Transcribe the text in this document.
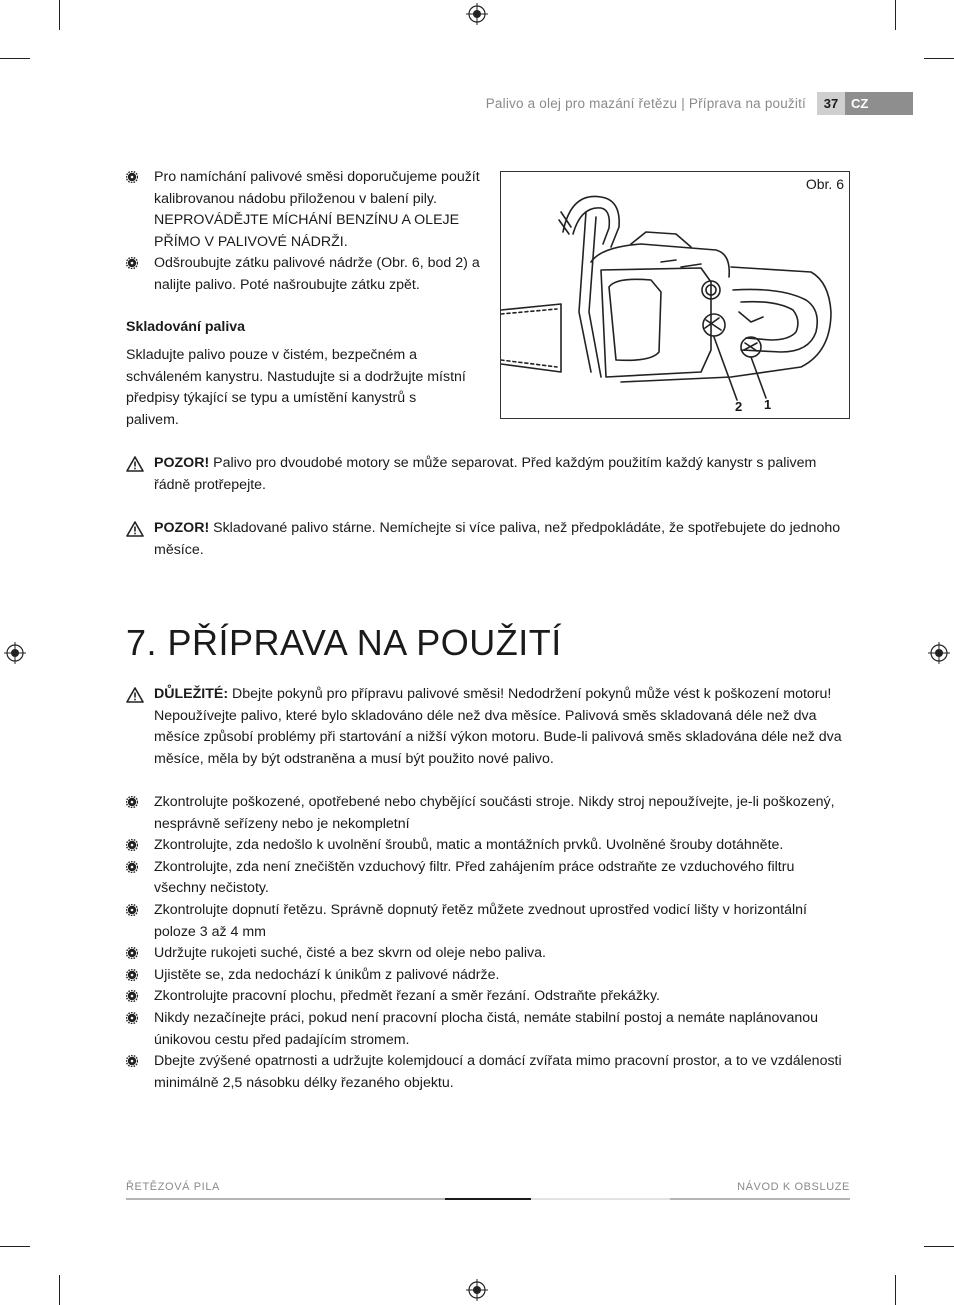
Palivo a olej pro mazání řetězu | Příprava na použití	37 CZ
Pro namíchání palivové směsi doporučujeme použít kalibrovanou nádobu přiloženou v balení pily. NEPROVÁDĚJTE MÍCHÁNÍ BENZÍNU A OLEJE PŘÍMO V PALIVOVÉ NÁDRŽI.
Odšroubujte zátku palivové nádrže (Obr. 6, bod 2) a nalijte palivo. Poté našroubujte zátku zpět.
Skladování paliva
Skladujte palivo pouze v čistém, bezpečném a schváleném kanystru. Nastudujte si a dodržujte místní předpisy týkající se typu a umístění kanystrů s palivem.
Obr. 6
2 1
POZOR! Palivo pro dvoudobé motory se může separovat. Před každým použitím každý kanystr s palivem řádně protřepejte.
POZOR! Skladované palivo stárne. Nemíchejte si více paliva, než předpokládáte, že spotřebujete do jednoho měsíce.
7. PŘÍPRAVA NA POUŽITÍ
DŮLEŽITÉ: Dbejte pokynů pro přípravu palivové směsi! Nedodržení pokynů může vést k poškození motoru! Nepoužívejte palivo, které bylo skladováno déle než dva měsíce. Palivová směs skladovaná déle než dva měsíce způsobí problémy při startování a nižší výkon motoru. Bude-li palivová směs skladována déle než dva měsíce, měla by být odstraněna a musí být použito nové palivo.
Zkontrolujte poškozené, opotřebené nebo chybějící součásti stroje. Nikdy stroj nepoužívejte, je-li poškozený, nesprávně seřízeny nebo je nekompletní
Zkontrolujte, zda nedošlo k uvolnění šroubů, matic a montážních prvků. Uvolněné šrouby dotáhněte.
Zkontrolujte, zda není znečištěn vzduchový filtr. Před zahájením práce odstraňte ze vzduchového filtru všechny nečistoty.
Zkontrolujte dopnutí řetězu. Správně dopnutý řetěz můžete zvednout uprostřed vodicí lišty v horizontální poloze 3 až 4 mm
Udržujte rukojeti suché, čisté a bez skvrn od oleje nebo paliva.
Ujistěte se, zda nedochází k únikům z palivové nádrže.
Zkontrolujte pracovní plochu, předmět řezaní a směr řezání. Odstraňte překážky.
Nikdy nezačínejte práci, pokud není pracovní plocha čistá, nemáte stabilní postoj a nemáte naplánovanou únikovou cestu před padajícím stromem.
Dbejte zvýšené opatrnosti a udržujte kolemjdoucí a domácí zvířata mimo pracovní prostor, a to ve vzdálenosti minimálně 2,5 násobku délky řezaného objektu.
ŘETĚZOVÁ PILA	NÁVOD K OBSLUZE
